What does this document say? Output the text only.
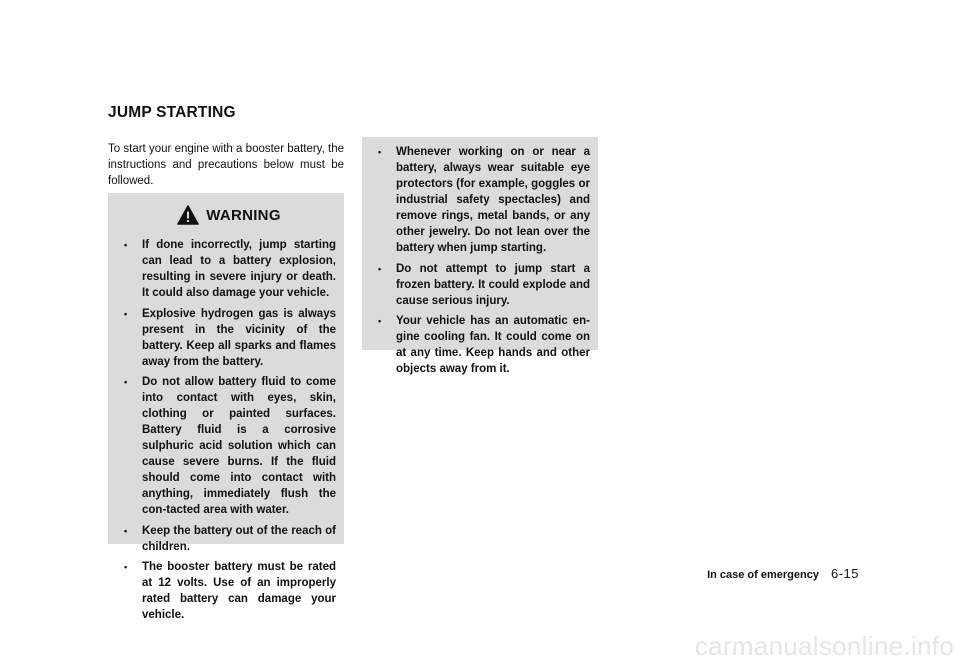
JUMP STARTING

To start your engine with a booster battery, the instructions and precautions below must be followed.

WARNING
• If done incorrectly, jump starting can lead to a battery explosion, resulting in severe injury or death. It could also damage your vehicle.
• Explosive hydrogen gas is always present in the vicinity of the battery. Keep all sparks and flames away from the battery.
• Do not allow battery fluid to come into contact with eyes, skin, clothing or painted surfaces. Battery fluid is a corrosive sulphuric acid solution which can cause severe burns. If the fluid should come into contact with anything, immediately flush the con-tacted area with water.
• Keep the battery out of the reach of children.
• The booster battery must be rated at 12 volts. Use of an improperly rated battery can damage your vehicle.
• Whenever working on or near a battery, always wear suitable eye protectors (for example, goggles or industrial safety spectacles) and remove rings, metal bands, or any other jewelry. Do not lean over the battery when jump starting.
• Do not attempt to jump start a frozen battery. It could explode and cause serious injury.
• Your vehicle has an automatic en-gine cooling fan. It could come on at any time. Keep hands and other objects away from it.
In case of emergency 6-15
carmanualsonline.info
